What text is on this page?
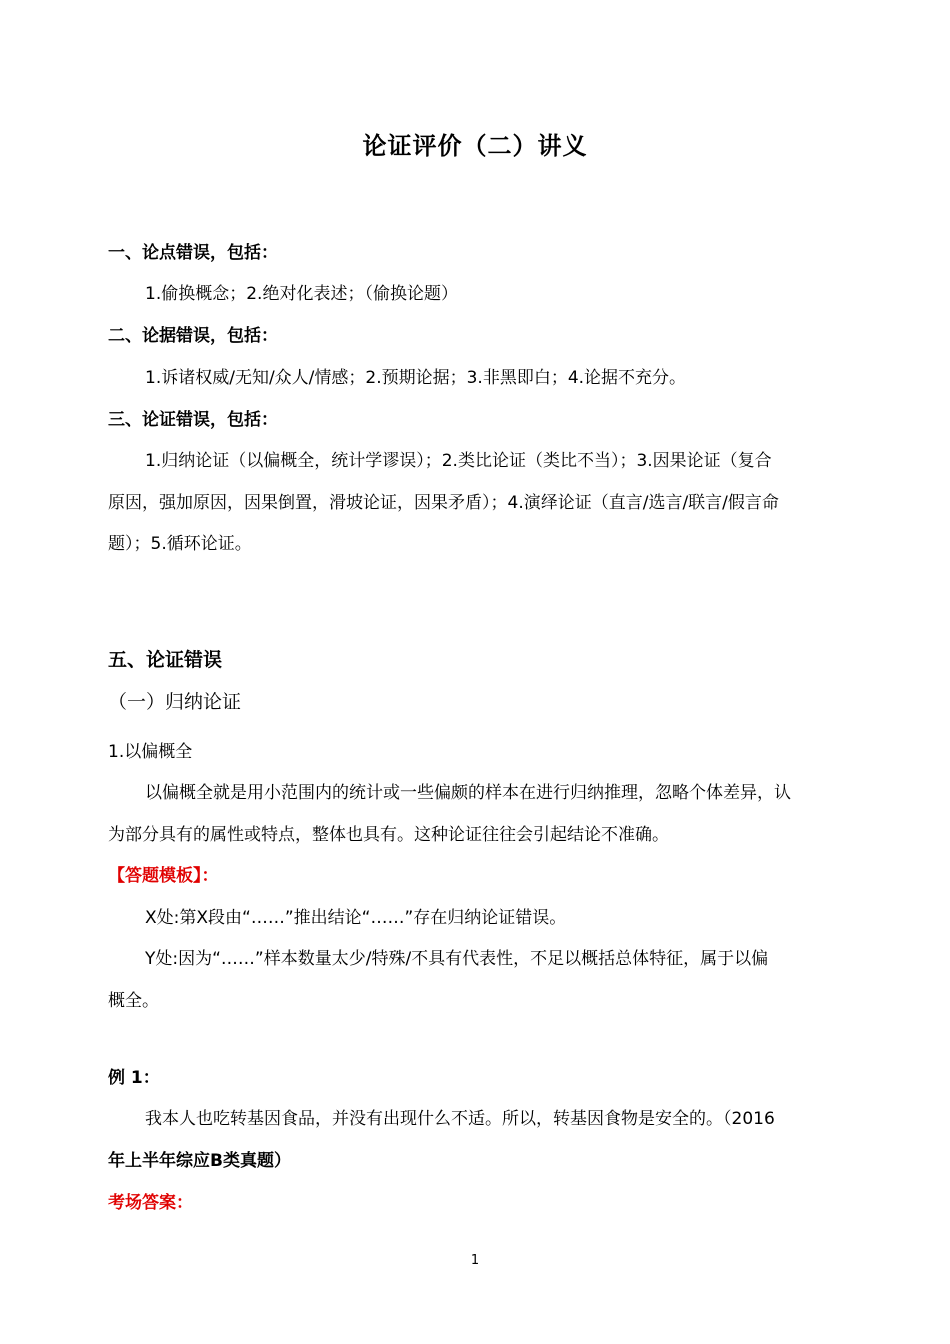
论证评价（二）讲义
一、论点错误，包括：
1.偷换概念；2.绝对化表述；（偷换论题）
二、论据错误，包括：
1.诉诸权威/无知/众人/情感；2.预期论据；3.非黑即白；4.论据不充分。
三、论证错误，包括：
1.归纳论证（以偏概全，统计学谬误）；2.类比论证（类比不当）；3.因果论证（复合
原因，强加原因，因果倒置，滑坡论证，因果矛盾）；4.演绎论证（直言/选言/联言/假言命
题）；5.循环论证。
五、论证错误
（一）归纳论证
1.以偏概全
以偏概全就是用小范围内的统计或一些偏颇的样本在进行归纳推理，忽略个体差异，认
为部分具有的属性或特点，整体也具有。这种论证往往会引起结论不准确。
【答题模板】：
X处:第X段由“……”推出结论“……”存在归纳论证错误。
Y处:因为“……”样本数量太少/特殊/不具有代表性，不足以概括总体特征，属于以偏
概全。
例 1：
我本人也吃转基因食品，并没有出现什么不适。所以，转基因食物是安全的。（2016
年上半年综应B类真题）
考场答案：
1
